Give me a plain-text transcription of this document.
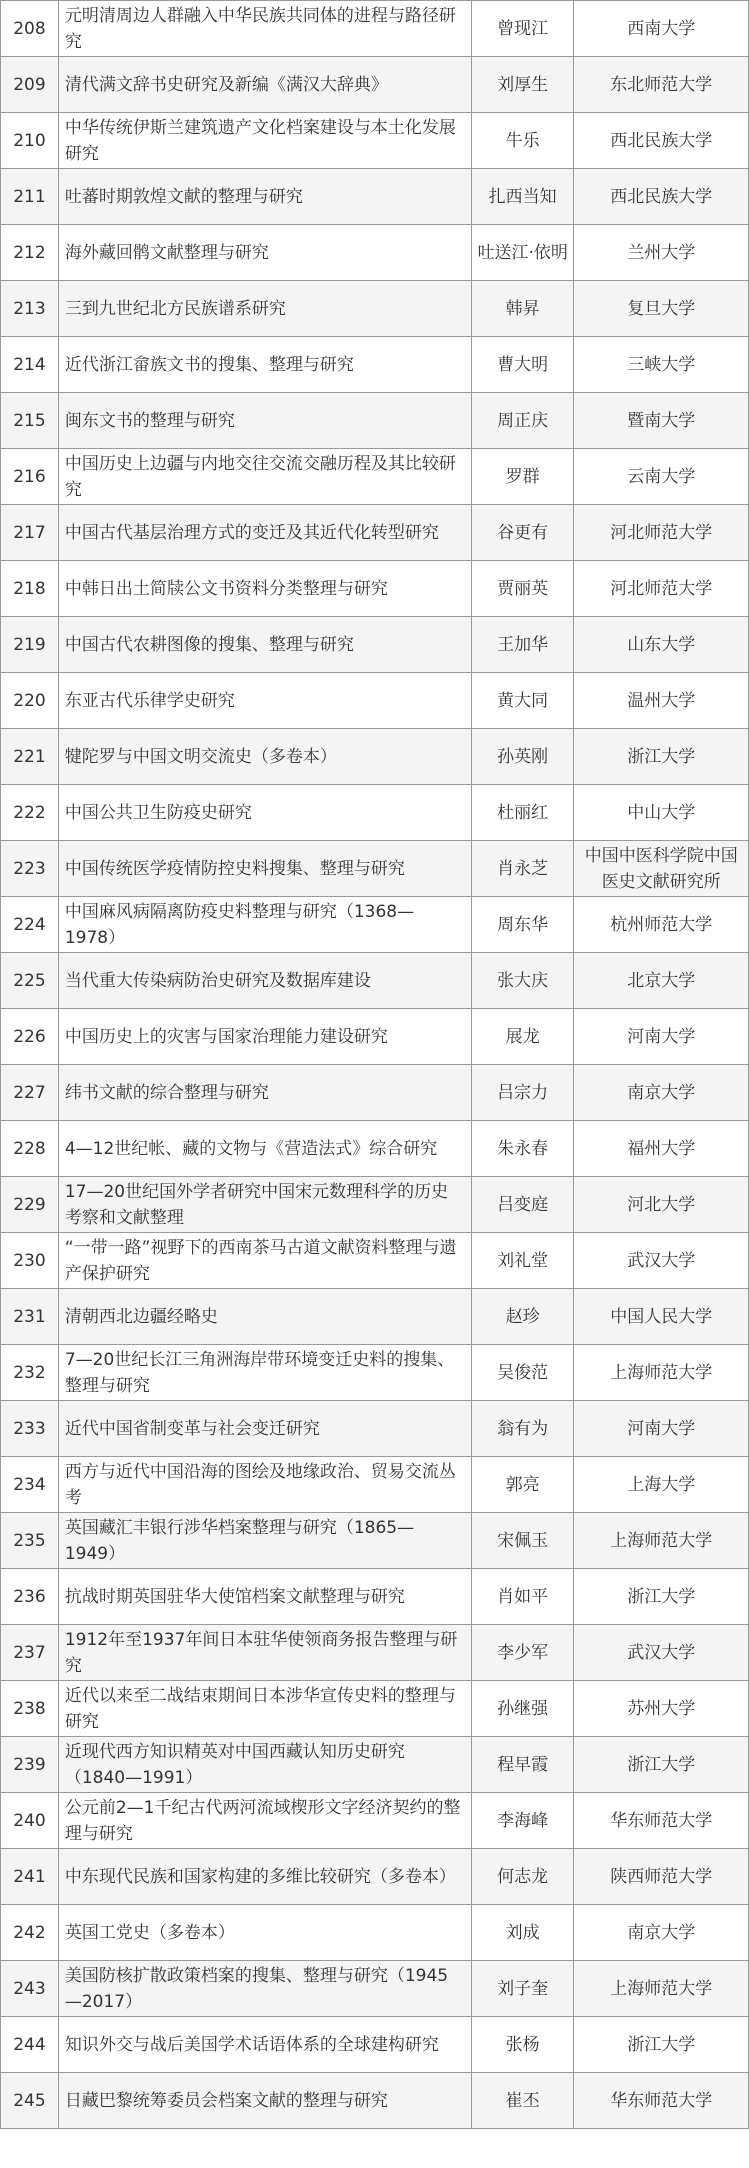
208	元明清周边人群融入中华民族共同体的进程与路径研究	曾现江	西南大学
209	清代满文辞书史研究及新编《满汉大辞典》	刘厚生	东北师范大学
210	中华传统伊斯兰建筑遗产文化档案建设与本土化发展研究	牛乐	西北民族大学
211	吐蕃时期敦煌文献的整理与研究	扎西当知	西北民族大学
212	海外藏回鹘文献整理与研究	吐送江·依明	兰州大学
213	三到九世纪北方民族谱系研究	韩昇	复旦大学
214	近代浙江畲族文书的搜集、整理与研究	曹大明	三峡大学
215	闽东文书的整理与研究	周正庆	暨南大学
216	中国历史上边疆与内地交往交流交融历程及其比较研究	罗群	云南大学
217	中国古代基层治理方式的变迁及其近代化转型研究	谷更有	河北师范大学
218	中韩日出土简牍公文书资料分类整理与研究	贾丽英	河北师范大学
219	中国古代农耕图像的搜集、整理与研究	王加华	山东大学
220	东亚古代乐律学史研究	黄大同	温州大学
221	犍陀罗与中国文明交流史（多卷本）	孙英刚	浙江大学
222	中国公共卫生防疫史研究	杜丽红	中山大学
223	中国传统医学疫情防控史料搜集、整理与研究	肖永芝	中国中医科学院中国医史文献研究所
224	中国麻风病隔离防疫史料整理与研究（1368—1978）	周东华	杭州师范大学
225	当代重大传染病防治史研究及数据库建设	张大庆	北京大学
226	中国历史上的灾害与国家治理能力建设研究	展龙	河南大学
227	纬书文献的综合整理与研究	吕宗力	南京大学
228	4—12世纪帐、藏的文物与《营造法式》综合研究	朱永春	福州大学
229	17—20世纪国外学者研究中国宋元数理科学的历史考察和文献整理	吕变庭	河北大学
230	“一带一路”视野下的西南茶马古道文献资料整理与遗产保护研究	刘礼堂	武汉大学
231	清朝西北边疆经略史	赵珍	中国人民大学
232	7—20世纪长江三角洲海岸带环境变迁史料的搜集、整理与研究	吴俊范	上海师范大学
233	近代中国省制变革与社会变迁研究	翁有为	河南大学
234	西方与近代中国沿海的图绘及地缘政治、贸易交流丛考	郭亮	上海大学
235	英国藏汇丰银行涉华档案整理与研究（1865—1949）	宋佩玉	上海师范大学
236	抗战时期英国驻华大使馆档案文献整理与研究	肖如平	浙江大学
237	1912年至1937年间日本驻华使领商务报告整理与研究	李少军	武汉大学
238	近代以来至二战结束期间日本涉华宣传史料的整理与研究	孙继强	苏州大学
239	近现代西方知识精英对中国西藏认知历史研究（1840—1991）	程早霞	浙江大学
240	公元前2—1千纪古代两河流域楔形文字经济契约的整理与研究	李海峰	华东师范大学
241	中东现代民族和国家构建的多维比较研究（多卷本）	何志龙	陕西师范大学
242	英国工党史（多卷本）	刘成	南京大学
243	美国防核扩散政策档案的搜集、整理与研究（1945—2017）	刘子奎	上海师范大学
244	知识外交与战后美国学术话语体系的全球建构研究	张杨	浙江大学
245	日藏巴黎统筹委员会档案文献的整理与研究	崔丕	华东师范大学
